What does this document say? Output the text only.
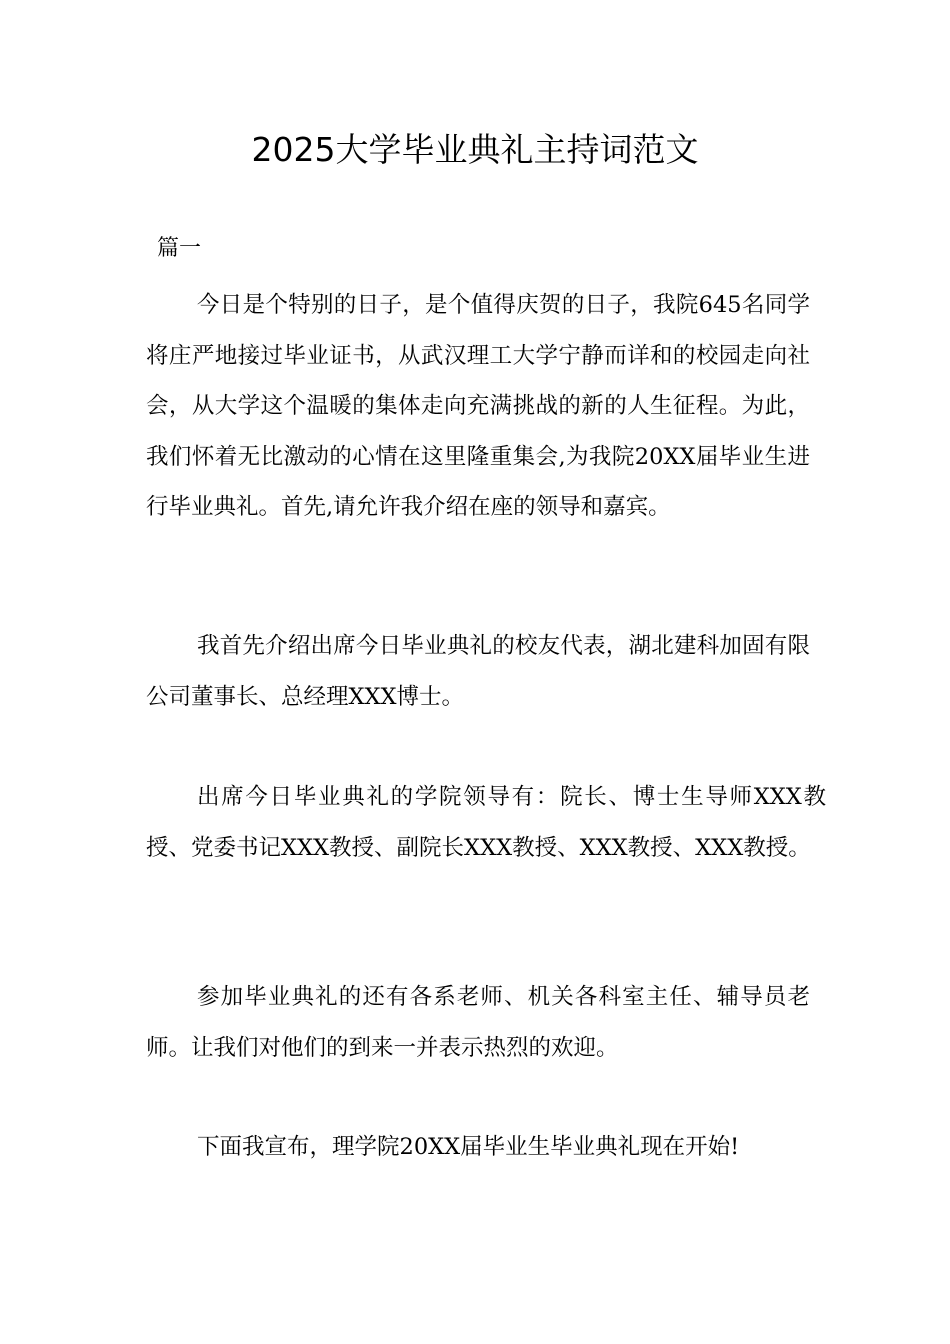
2025大学毕业典礼主持词范文

篇一

今日是个特别的日子，是个值得庆贺的日子，我院645名同学将庄严地接过毕业证书，从武汉理工大学宁静而详和的校园走向社会，从大学这个温暖的集体走向充满挑战的新的人生征程。为此，我们怀着无比激动的心情在这里隆重集会,为我院20XX届毕业生进行毕业典礼。首先,请允许我介绍在座的领导和嘉宾。

我首先介绍出席今日毕业典礼的校友代表，湖北建科加固有限公司董事长、总经理XXX博士。

出席今日毕业典礼的学院领导有：院长、博士生导师XXX教授、党委书记XXX教授、副院长XXX教授、XXX教授、XXX教授。

参加毕业典礼的还有各系老师、机关各科室主任、辅导员老师。让我们对他们的到来一并表示热烈的欢迎。

下面我宣布，理学院20XX届毕业生毕业典礼现在开始!
